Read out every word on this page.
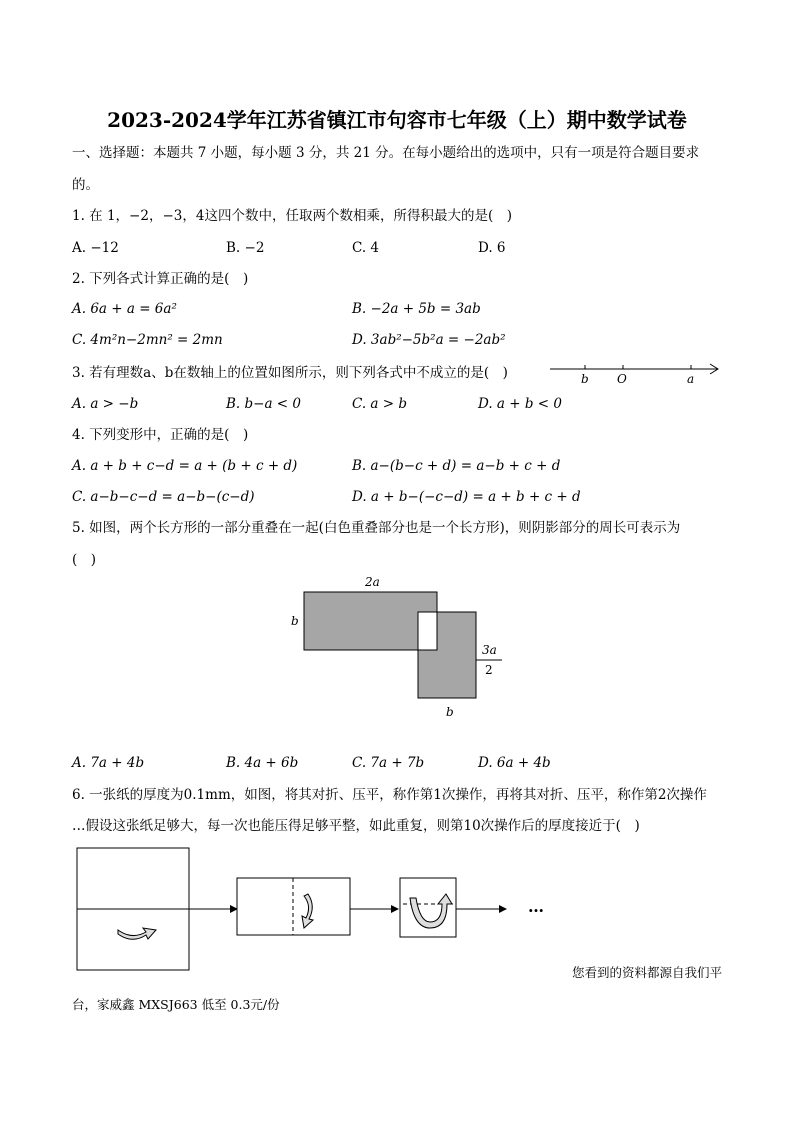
2023-2024学年江苏省镇江市句容市七年级（上）期中数学试卷
一、选择题：本题共 7 小题，每小题 3 分，共 21 分。在每小题给出的选项中，只有一项是符合题目要求
的。
1. 在 1，−2，−3，4这四个数中，任取两个数相乘，所得积最大的是(　)
A. −12	B. −2	C. 4	D. 6
2. 下列各式计算正确的是(　)
A. 6a + a = 6a²	B. −2a + 5b = 3ab
C. 4m²n−2mn² = 2mn	D. 3ab²−5b²a = −2ab²
3. 若有理数a、b在数轴上的位置如图所示，则下列各式中不成立的是(　)	b O	a
A. a > −b	B. b−a < 0	C. a > b	D. a + b < 0
4. 下列变形中，正确的是(　)
A. a + b + c−d = a + (b + c + d)	B. a−(b−c + d) = a−b + c + d
C. a−b−c−d = a−b−(c−d)	D. a + b−(−c−d) = a + b + c + d
5. 如图，两个长方形的一部分重叠在一起(白色重叠部分也是一个长方形)，则阴影部分的周长可表示为
(　)
2a
b
3a
2
b
A. 7a + 4b	B. 4a + 6b	C. 7a + 7b	D. 6a + 4b
6. 一张纸的厚度为0.1mm，如图，将其对折、压平，称作第1次操作，再将其对折、压平，称作第2次操作
…假设这张纸足够大，每一次也能压得足够平整，如此重复，则第10次操作后的厚度接近于(　)
…
您看到的资料都源自我们平
台，家威鑫 MXSJ663 低至 0.3元/份
